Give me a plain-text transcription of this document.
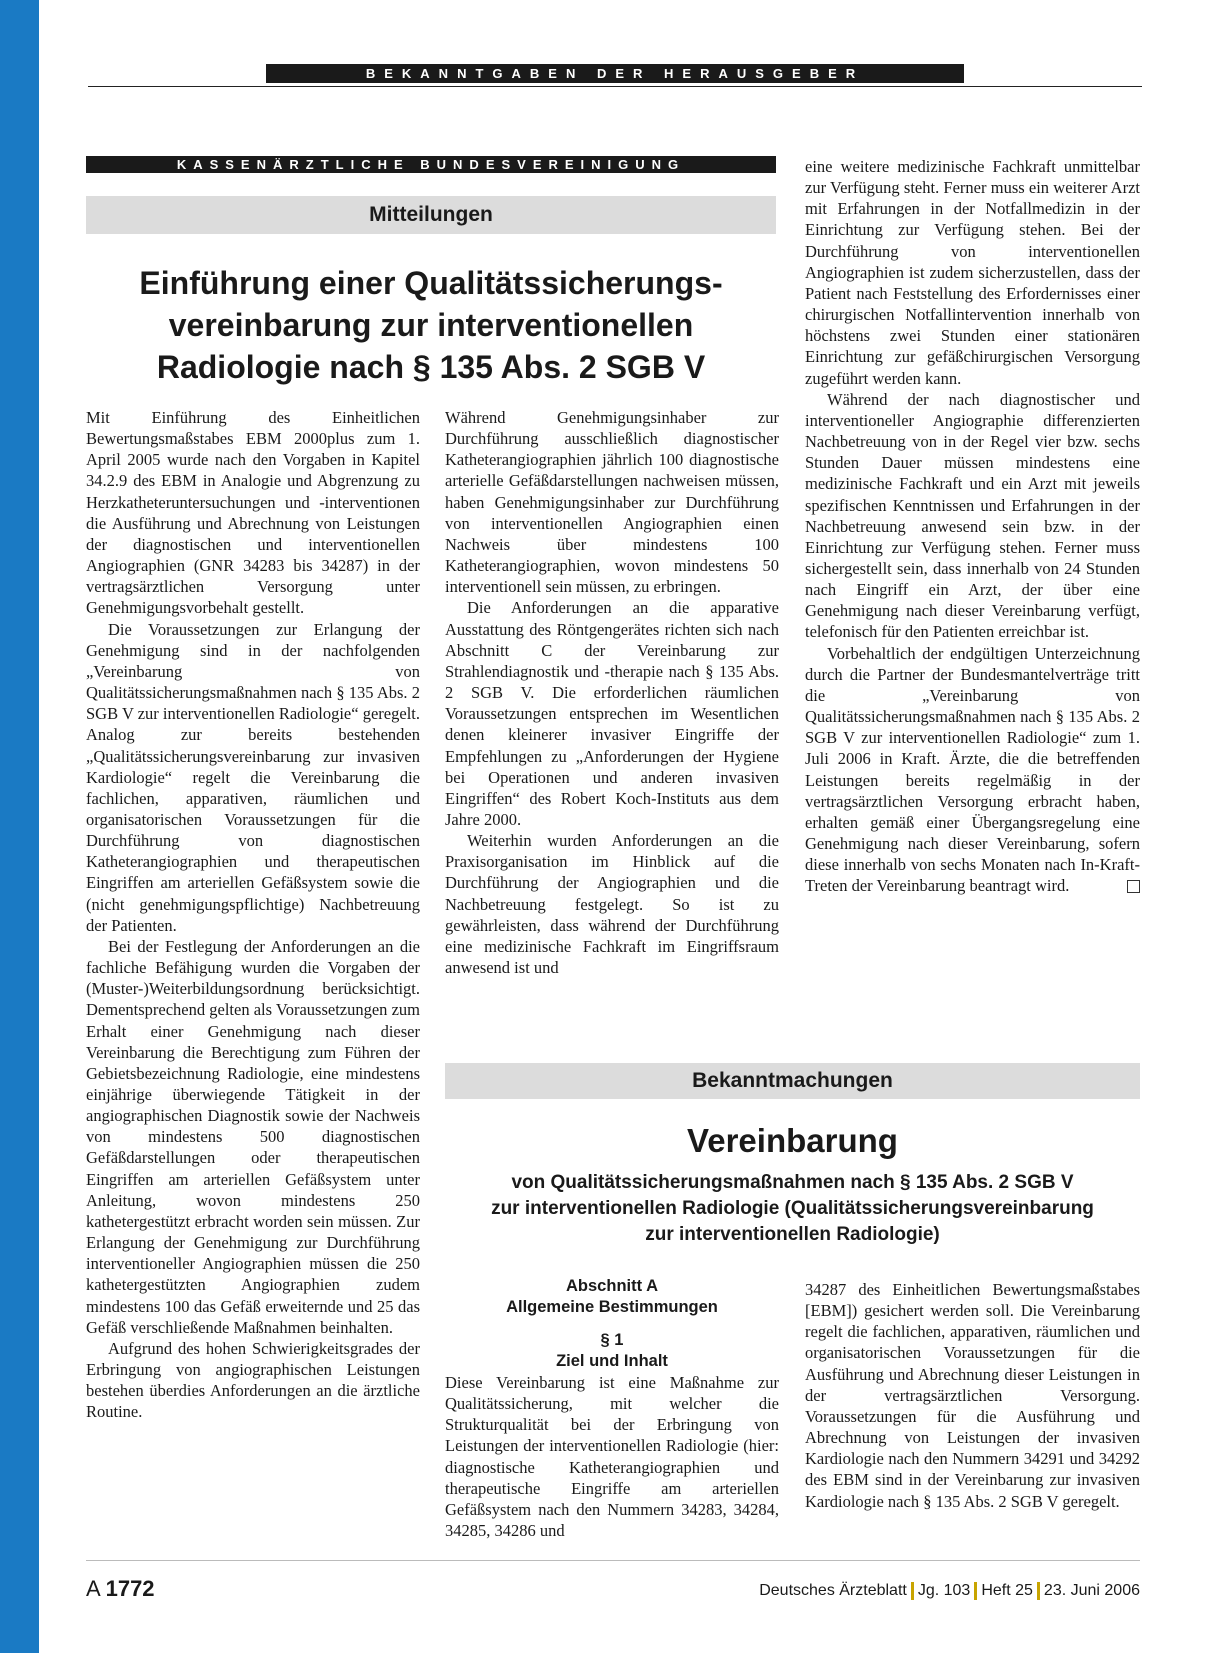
BEKANNTGABEN DER HERAUSGEBER
KASSENÄRZTLICHE BUNDESVEREINIGUNG
Mitteilungen
Einführung einer Qualitätssicherungs-
vereinbarung zur interventionellen
Radiologie nach § 135 Abs. 2 SGB V

Mit Einführung des Einheitlichen Bewertungsmaßstabes EBM 2000plus zum 1. April 2005 wurde nach den Vorgaben in Kapitel 34.2.9 des EBM in Analogie und Abgrenzung zu Herzkatheteruntersuchungen und -interventionen die Ausführung und Abrechnung von Leistungen der diagnostischen und interventionellen Angiographien (GNR 34283 bis 34287) in der vertragsärztlichen Versorgung unter Genehmigungsvorbehalt gestellt.

Die Voraussetzungen zur Erlangung der Genehmigung sind in der nachfolgenden „Vereinbarung von Qualitätssicherungsmaßnahmen nach § 135 Abs. 2 SGB V zur interventionellen Radiologie“ geregelt. Analog zur bereits bestehenden „Qualitätssicherungsvereinbarung zur invasiven Kardiologie“ regelt die Vereinbarung die fachlichen, apparativen, räumlichen und organisatorischen Voraussetzungen für die Durchführung von diagnostischen Katheterangiographien und therapeutischen Eingriffen am arteriellen Gefäßsystem sowie die (nicht genehmigungspflichtige) Nachbetreuung der Patienten.

Bei der Festlegung der Anforderungen an die fachliche Befähigung wurden die Vorgaben der (Muster-)Weiterbildungsordnung berücksichtigt. Dementsprechend gelten als Voraussetzungen zum Erhalt einer Genehmigung nach dieser Vereinbarung die Berechtigung zum Führen der Gebietsbezeichnung Radiologie, eine mindestens einjährige überwiegende Tätigkeit in der angiographischen Diagnostik sowie der Nachweis von mindestens 500 diagnostischen Gefäßdarstellungen oder therapeutischen Eingriffen am arteriellen Gefäßsystem unter Anleitung, wovon mindestens 250 kathetergestützt erbracht worden sein müssen. Zur Erlangung der Genehmigung zur Durchführung interventioneller Angiographien müssen die 250 kathetergestützten Angiographien zudem mindestens 100 das Gefäß erweiternde und 25 das Gefäß verschließende Maßnahmen beinhalten.

Aufgrund des hohen Schwierigkeitsgrades der Erbringung von angiographischen Leistungen bestehen überdies Anforderungen an die ärztliche Routine.

Während Genehmigungsinhaber zur Durchführung ausschließlich diagnostischer Katheterangiographien jährlich 100 diagnostische arterielle Gefäßdarstellungen nachweisen müssen, haben Genehmigungsinhaber zur Durchführung von interventionellen Angiographien einen Nachweis über mindestens 100 Katheterangiographien, wovon mindestens 50 interventionell sein müssen, zu erbringen.

Die Anforderungen an die apparative Ausstattung des Röntgengerätes richten sich nach Abschnitt C der Vereinbarung zur Strahlendiagnostik und -therapie nach § 135 Abs. 2 SGB V. Die erforderlichen räumlichen Voraussetzungen entsprechen im Wesentlichen denen kleinerer invasiver Eingriffe der Empfehlungen zu „Anforderungen der Hygiene bei Operationen und anderen invasiven Eingriffen“ des Robert Koch-Instituts aus dem Jahre 2000.

Weiterhin wurden Anforderungen an die Praxisorganisation im Hinblick auf die Durchführung der Angiographien und die Nachbetreuung festgelegt. So ist zu gewährleisten, dass während der Durchführung eine medizinische Fachkraft im Eingriffsraum anwesend ist und

eine weitere medizinische Fachkraft unmittelbar zur Verfügung steht. Ferner muss ein weiterer Arzt mit Erfahrungen in der Notfallmedizin in der Einrichtung zur Verfügung stehen. Bei der Durchführung von interventionellen Angiographien ist zudem sicherzustellen, dass der Patient nach Feststellung des Erfordernisses einer chirurgischen Notfallintervention innerhalb von höchstens zwei Stunden einer stationären Einrichtung zur gefäßchirurgischen Versorgung zugeführt werden kann.

Während der nach diagnostischer und interventioneller Angiographie differenzierten Nachbetreuung von in der Regel vier bzw. sechs Stunden Dauer müssen mindestens eine medizinische Fachkraft und ein Arzt mit jeweils spezifischen Kenntnissen und Erfahrungen in der Nachbetreuung anwesend sein bzw. in der Einrichtung zur Verfügung stehen. Ferner muss sichergestellt sein, dass innerhalb von 24 Stunden nach Eingriff ein Arzt, der über eine Genehmigung nach dieser Vereinbarung verfügt, telefonisch für den Patienten erreichbar ist.

Vorbehaltlich der endgültigen Unterzeichnung durch die Partner der Bundesmantelverträge tritt die „Vereinbarung von Qualitätssicherungsmaßnahmen nach § 135 Abs. 2 SGB V zur interventionellen Radiologie“ zum 1. Juli 2006 in Kraft. Ärzte, die die betreffenden Leistungen bereits regelmäßig in der vertragsärztlichen Versorgung erbracht haben, erhalten gemäß einer Übergangsregelung eine Genehmigung nach dieser Vereinbarung, sofern diese innerhalb von sechs Monaten nach In-Kraft-Treten der Vereinbarung beantragt wird.

Bekanntmachungen
Vereinbarung
von Qualitätssicherungsmaßnahmen nach § 135 Abs. 2 SGB V
zur interventionellen Radiologie (Qualitätssicherungsvereinbarung
zur interventionellen Radiologie)
Abschnitt A
Allgemeine Bestimmungen
§ 1
Ziel und Inhalt

Diese Vereinbarung ist eine Maßnahme zur Qualitätssicherung, mit welcher die Strukturqualität bei der Erbringung von Leistungen der interventionellen Radiologie (hier: diagnostische Katheterangiographien und therapeutische Eingriffe am arteriellen Gefäßsystem nach den Nummern 34283, 34284, 34285, 34286 und

34287 des Einheitlichen Bewertungsmaßstabes [EBM]) gesichert werden soll. Die Vereinbarung regelt die fachlichen, apparativen, räumlichen und organisatorischen Voraussetzungen für die Ausführung und Abrechnung dieser Leistungen in der vertragsärztlichen Versorgung. Voraussetzungen für die Ausführung und Abrechnung von Leistungen der invasiven Kardiologie nach den Nummern 34291 und 34292 des EBM sind in der Vereinbarung zur invasiven Kardiologie nach § 135 Abs. 2 SGB V geregelt.

A 1772	Deutsches Ärzteblatt Jg. 103 Heft 25 23. Juni 2006
